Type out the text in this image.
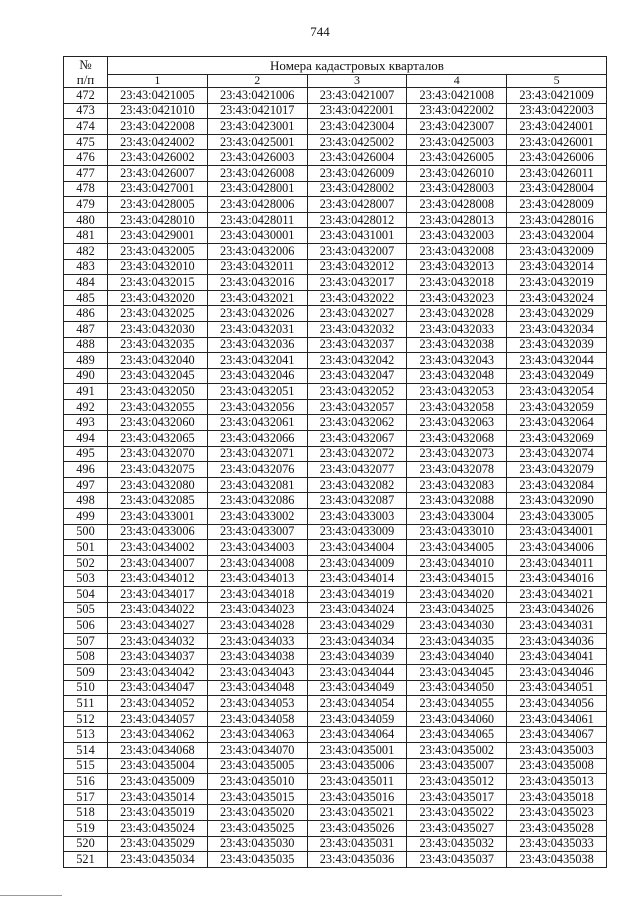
744
№
п/п	Номера кадастровых кварталов				
	1	2	3	4	5
472	23:43:0421005	23:43:0421006	23:43:0421007	23:43:0421008	23:43:0421009
473	23:43:0421010	23:43:0421017	23:43:0422001	23:43:0422002	23:43:0422003
474	23:43:0422008	23:43:0423001	23:43:0423004	23:43:0423007	23:43:0424001
475	23:43:0424002	23:43:0425001	23:43:0425002	23:43:0425003	23:43:0426001
476	23:43:0426002	23:43:0426003	23:43:0426004	23:43:0426005	23:43:0426006
477	23:43:0426007	23:43:0426008	23:43:0426009	23:43:0426010	23:43:0426011
478	23:43:0427001	23:43:0428001	23:43:0428002	23:43:0428003	23:43:0428004
479	23:43:0428005	23:43:0428006	23:43:0428007	23:43:0428008	23:43:0428009
480	23:43:0428010	23:43:0428011	23:43:0428012	23:43:0428013	23:43:0428016
481	23:43:0429001	23:43:0430001	23:43:0431001	23:43:0432003	23:43:0432004
482	23:43:0432005	23:43:0432006	23:43:0432007	23:43:0432008	23:43:0432009
483	23:43:0432010	23:43:0432011	23:43:0432012	23:43:0432013	23:43:0432014
484	23:43:0432015	23:43:0432016	23:43:0432017	23:43:0432018	23:43:0432019
485	23:43:0432020	23:43:0432021	23:43:0432022	23:43:0432023	23:43:0432024
486	23:43:0432025	23:43:0432026	23:43:0432027	23:43:0432028	23:43:0432029
487	23:43:0432030	23:43:0432031	23:43:0432032	23:43:0432033	23:43:0432034
488	23:43:0432035	23:43:0432036	23:43:0432037	23:43:0432038	23:43:0432039
489	23:43:0432040	23:43:0432041	23:43:0432042	23:43:0432043	23:43:0432044
490	23:43:0432045	23:43:0432046	23:43:0432047	23:43:0432048	23:43:0432049
491	23:43:0432050	23:43:0432051	23:43:0432052	23:43:0432053	23:43:0432054
492	23:43:0432055	23:43:0432056	23:43:0432057	23:43:0432058	23:43:0432059
493	23:43:0432060	23:43:0432061	23:43:0432062	23:43:0432063	23:43:0432064
494	23:43:0432065	23:43:0432066	23:43:0432067	23:43:0432068	23:43:0432069
495	23:43:0432070	23:43:0432071	23:43:0432072	23:43:0432073	23:43:0432074
496	23:43:0432075	23:43:0432076	23:43:0432077	23:43:0432078	23:43:0432079
497	23:43:0432080	23:43:0432081	23:43:0432082	23:43:0432083	23:43:0432084
498	23:43:0432085	23:43:0432086	23:43:0432087	23:43:0432088	23:43:0432090
499	23:43:0433001	23:43:0433002	23:43:0433003	23:43:0433004	23:43:0433005
500	23:43:0433006	23:43:0433007	23:43:0433009	23:43:0433010	23:43:0434001
501	23:43:0434002	23:43:0434003	23:43:0434004	23:43:0434005	23:43:0434006
502	23:43:0434007	23:43:0434008	23:43:0434009	23:43:0434010	23:43:0434011
503	23:43:0434012	23:43:0434013	23:43:0434014	23:43:0434015	23:43:0434016
504	23:43:0434017	23:43:0434018	23:43:0434019	23:43:0434020	23:43:0434021
505	23:43:0434022	23:43:0434023	23:43:0434024	23:43:0434025	23:43:0434026
506	23:43:0434027	23:43:0434028	23:43:0434029	23:43:0434030	23:43:0434031
507	23:43:0434032	23:43:0434033	23:43:0434034	23:43:0434035	23:43:0434036
508	23:43:0434037	23:43:0434038	23:43:0434039	23:43:0434040	23:43:0434041
509	23:43:0434042	23:43:0434043	23:43:0434044	23:43:0434045	23:43:0434046
510	23:43:0434047	23:43:0434048	23:43:0434049	23:43:0434050	23:43:0434051
511	23:43:0434052	23:43:0434053	23:43:0434054	23:43:0434055	23:43:0434056
512	23:43:0434057	23:43:0434058	23:43:0434059	23:43:0434060	23:43:0434061
513	23:43:0434062	23:43:0434063	23:43:0434064	23:43:0434065	23:43:0434067
514	23:43:0434068	23:43:0434070	23:43:0435001	23:43:0435002	23:43:0435003
515	23:43:0435004	23:43:0435005	23:43:0435006	23:43:0435007	23:43:0435008
516	23:43:0435009	23:43:0435010	23:43:0435011	23:43:0435012	23:43:0435013
517	23:43:0435014	23:43:0435015	23:43:0435016	23:43:0435017	23:43:0435018
518	23:43:0435019	23:43:0435020	23:43:0435021	23:43:0435022	23:43:0435023
519	23:43:0435024	23:43:0435025	23:43:0435026	23:43:0435027	23:43:0435028
520	23:43:0435029	23:43:0435030	23:43:0435031	23:43:0435032	23:43:0435033
521	23:43:0435034	23:43:0435035	23:43:0435036	23:43:0435037	23:43:0435038
